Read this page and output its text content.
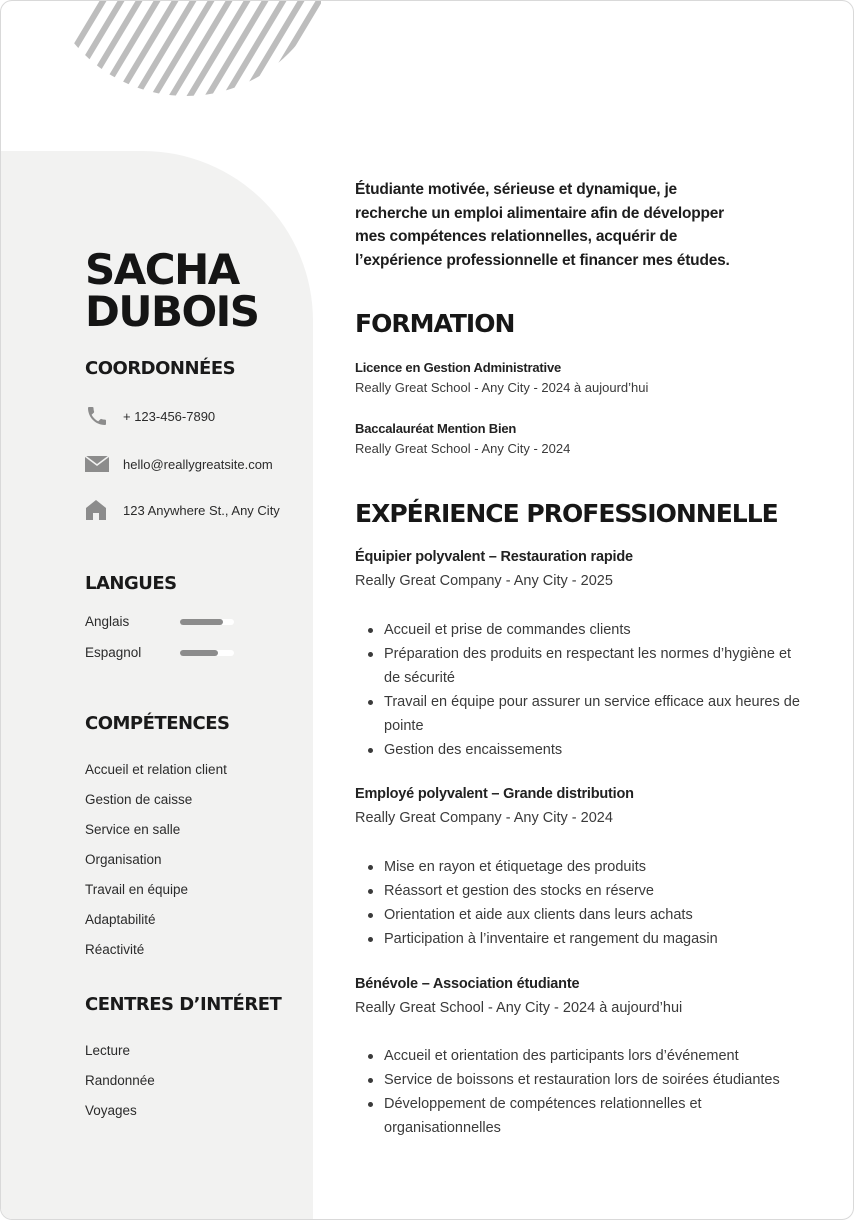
SACHA
DUBOIS
COORDONNÉES
+ 123-456-7890
hello@reallygreatsite.com
123 Anywhere St., Any City
LANGUES
Anglais
Espagnol
COMPÉTENCES
Accueil et relation client
Gestion de caisse
Service en salle
Organisation
Travail en équipe
Adaptabilité
Réactivité
CENTRES D’INTÉRET
Lecture
Randonnée
Voyages

Étudiante motivée, sérieuse et dynamique, je recherche un emploi alimentaire afin de développer mes compétences relationnelles, acquérir de l’expérience professionnelle et financer mes études.

FORMATION
Licence en Gestion Administrative
Really Great School - Any City - 2024 à aujourd’hui
Baccalauréat Mention Bien
Really Great School - Any City - 2024
EXPÉRIENCE PROFESSIONNELLE
Équipier polyvalent – Restauration rapide
Really Great Company - Any City - 2025
Accueil et prise de commandes clients
Préparation des produits en respectant les normes d’hygiène et de sécurité
Travail en équipe pour assurer un service efficace aux heures de pointe
Gestion des encaissements
Employé polyvalent – Grande distribution
Really Great Company - Any City - 2024
Mise en rayon et étiquetage des produits
Réassort et gestion des stocks en réserve
Orientation et aide aux clients dans leurs achats
Participation à l’inventaire et rangement du magasin
Bénévole – Association étudiante
Really Great School - Any City - 2024 à aujourd’hui
Accueil et orientation des participants lors d’événement
Service de boissons et restauration lors de soirées étudiantes
Développement de compétences relationnelles et organisationnelles
